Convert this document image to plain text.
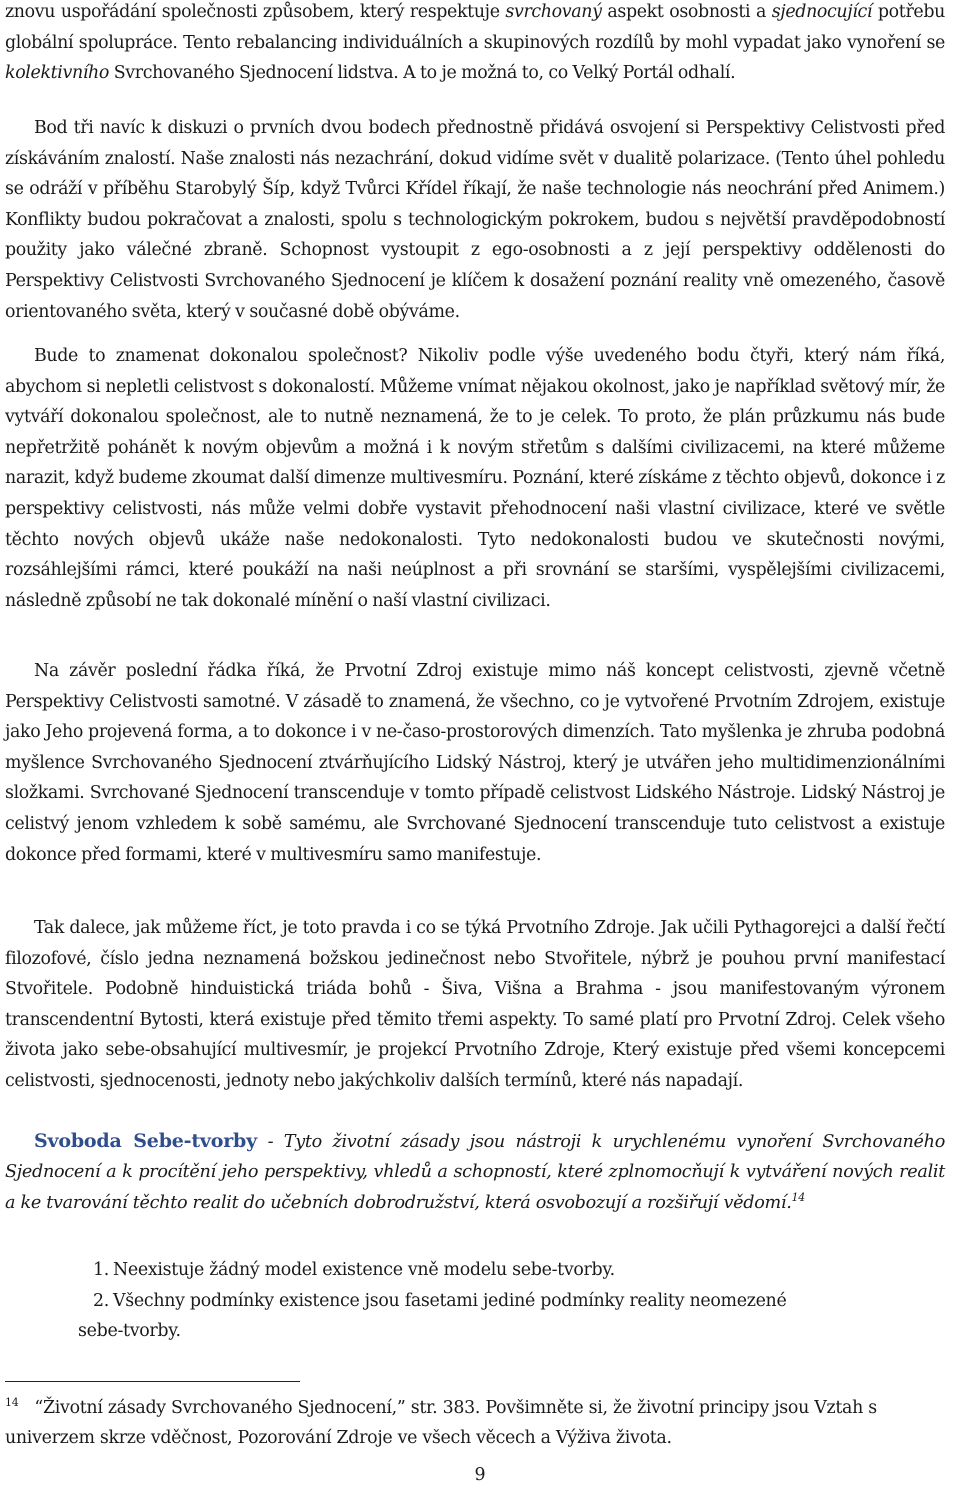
znovu uspořádání společnosti způsobem, který respektuje svrchovaný aspekt osobnosti a sjednocující potřebu globální spolupráce. Tento rebalancing individuálních a skupinových rozdílů by mohl vypadat jako vynoření se kolektivního Svrchovaného Sjednocení lidstva. A to je možná to, co Velký Portál odhalí.

Bod tři navíc k diskuzi o prvních dvou bodech přednostně přidává osvojení si Perspektivy Celistvosti před získáváním znalostí. Naše znalosti nás nezachrání, dokud vidíme svět v dualitě polarizace. (Tento úhel pohledu se odráží v příběhu Starobylý Šíp, když Tvůrci Křídel říkají, že naše technologie nás neochrání před Animem.) Konflikty budou pokračovat a znalosti, spolu s technologickým pokrokem, budou s největší pravděpodobností použity jako válečné zbraně. Schopnost vystoupit z ego-osobnosti a z její perspektivy oddělenosti do Perspektivy Celistvosti Svrchovaného Sjednocení je klíčem k dosažení poznání reality vně omezeného, časově orientovaného světa, který v současné době obýváme.

Bude to znamenat dokonalou společnost? Nikoliv podle výše uvedeného bodu čtyři, který nám říká, abychom si nepletli celistvost s dokonalostí. Můžeme vnímat nějakou okolnost, jako je například světový mír, že vytváří dokonalou společnost, ale to nutně neznamená, že to je celek. To proto, že plán průzkumu nás bude nepřetržitě pohánět k novým objevům a možná i k novým střetům s dalšími civilizacemi, na které můžeme narazit, když budeme zkoumat další dimenze multivesmíru. Poznání, které získáme z těchto objevů, dokonce i z perspektivy celistvosti, nás může velmi dobře vystavit přehodnocení naši vlastní civilizace, které ve světle těchto nových objevů ukáže naše nedokonalosti. Tyto nedokonalosti budou ve skutečnosti novými, rozsáhlejšími rámci, které poukáží na naši neúplnost a při srovnání se staršími, vyspělejšími civilizacemi, následně způsobí ne tak dokonalé mínění o naší vlastní civilizaci.

Na závěr poslední řádka říká, že Prvotní Zdroj existuje mimo náš koncept celistvosti, zjevně včetně Perspektivy Celistvosti samotné. V zásadě to znamená, že všechno, co je vytvořené Prvotním Zdrojem, existuje jako Jeho projevená forma, a to dokonce i v ne-časo-prostorových dimenzích. Tato myšlenka je zhruba podobná myšlence Svrchovaného Sjednocení ztvárňujícího Lidský Nástroj, který je utvářen jeho multidimenzionálními složkami. Svrchované Sjednocení transcenduje v tomto případě celistvost Lidského Nástroje. Lidský Nástroj je celistvý jenom vzhledem k sobě samému, ale Svrchované Sjednocení transcenduje tuto celistvost a existuje dokonce před formami, které v multivesmíru samo manifestuje.

Tak dalece, jak můžeme říct, je toto pravda i co se týká Prvotního Zdroje. Jak učili Pythagorejci a další řečtí filozofové, číslo jedna neznamená božskou jedinečnost nebo Stvořitele, nýbrž je pouhou první manifestací Stvořitele. Podobně hinduistická triáda bohů - Šiva, Višna a Brahma - jsou manifestovaným výronem transcendentní Bytosti, která existuje před těmito třemi aspekty. To samé platí pro Prvotní Zdroj. Celek všeho života jako sebe-obsahující multivesmír, je projekcí Prvotního Zdroje, Který existuje před všemi koncepcemi celistvosti, sjednocenosti, jednoty nebo jakýchkoliv dalších termínů, které nás napadají.

Svoboda Sebe-tvorby - Tyto životní zásady jsou nástroji k urychlenému vynoření Svrchovaného Sjednocení a k procítění jeho perspektivy, vhledů a schopností, které zplnomocňují k vytváření nových realit a ke tvarování těchto realit do učebních dobrodružství, která osvobozují a rozšiřují vědomí.$^{14}$

1. Neexistuje žádný model existence vně modelu sebe-tvorby.

2. Všechny podmínky existence jsou fasetami jediné podmínky reality neomezené

sebe-tvorby.

$^{14}$ “Životní zásady Svrchovaného Sjednocení,” str. 383. Povšimněte si, že životní principy jsou Vztah s univerzem skrze vděčnost, Pozorování Zdroje ve všech věcech a Výživa života.

9
